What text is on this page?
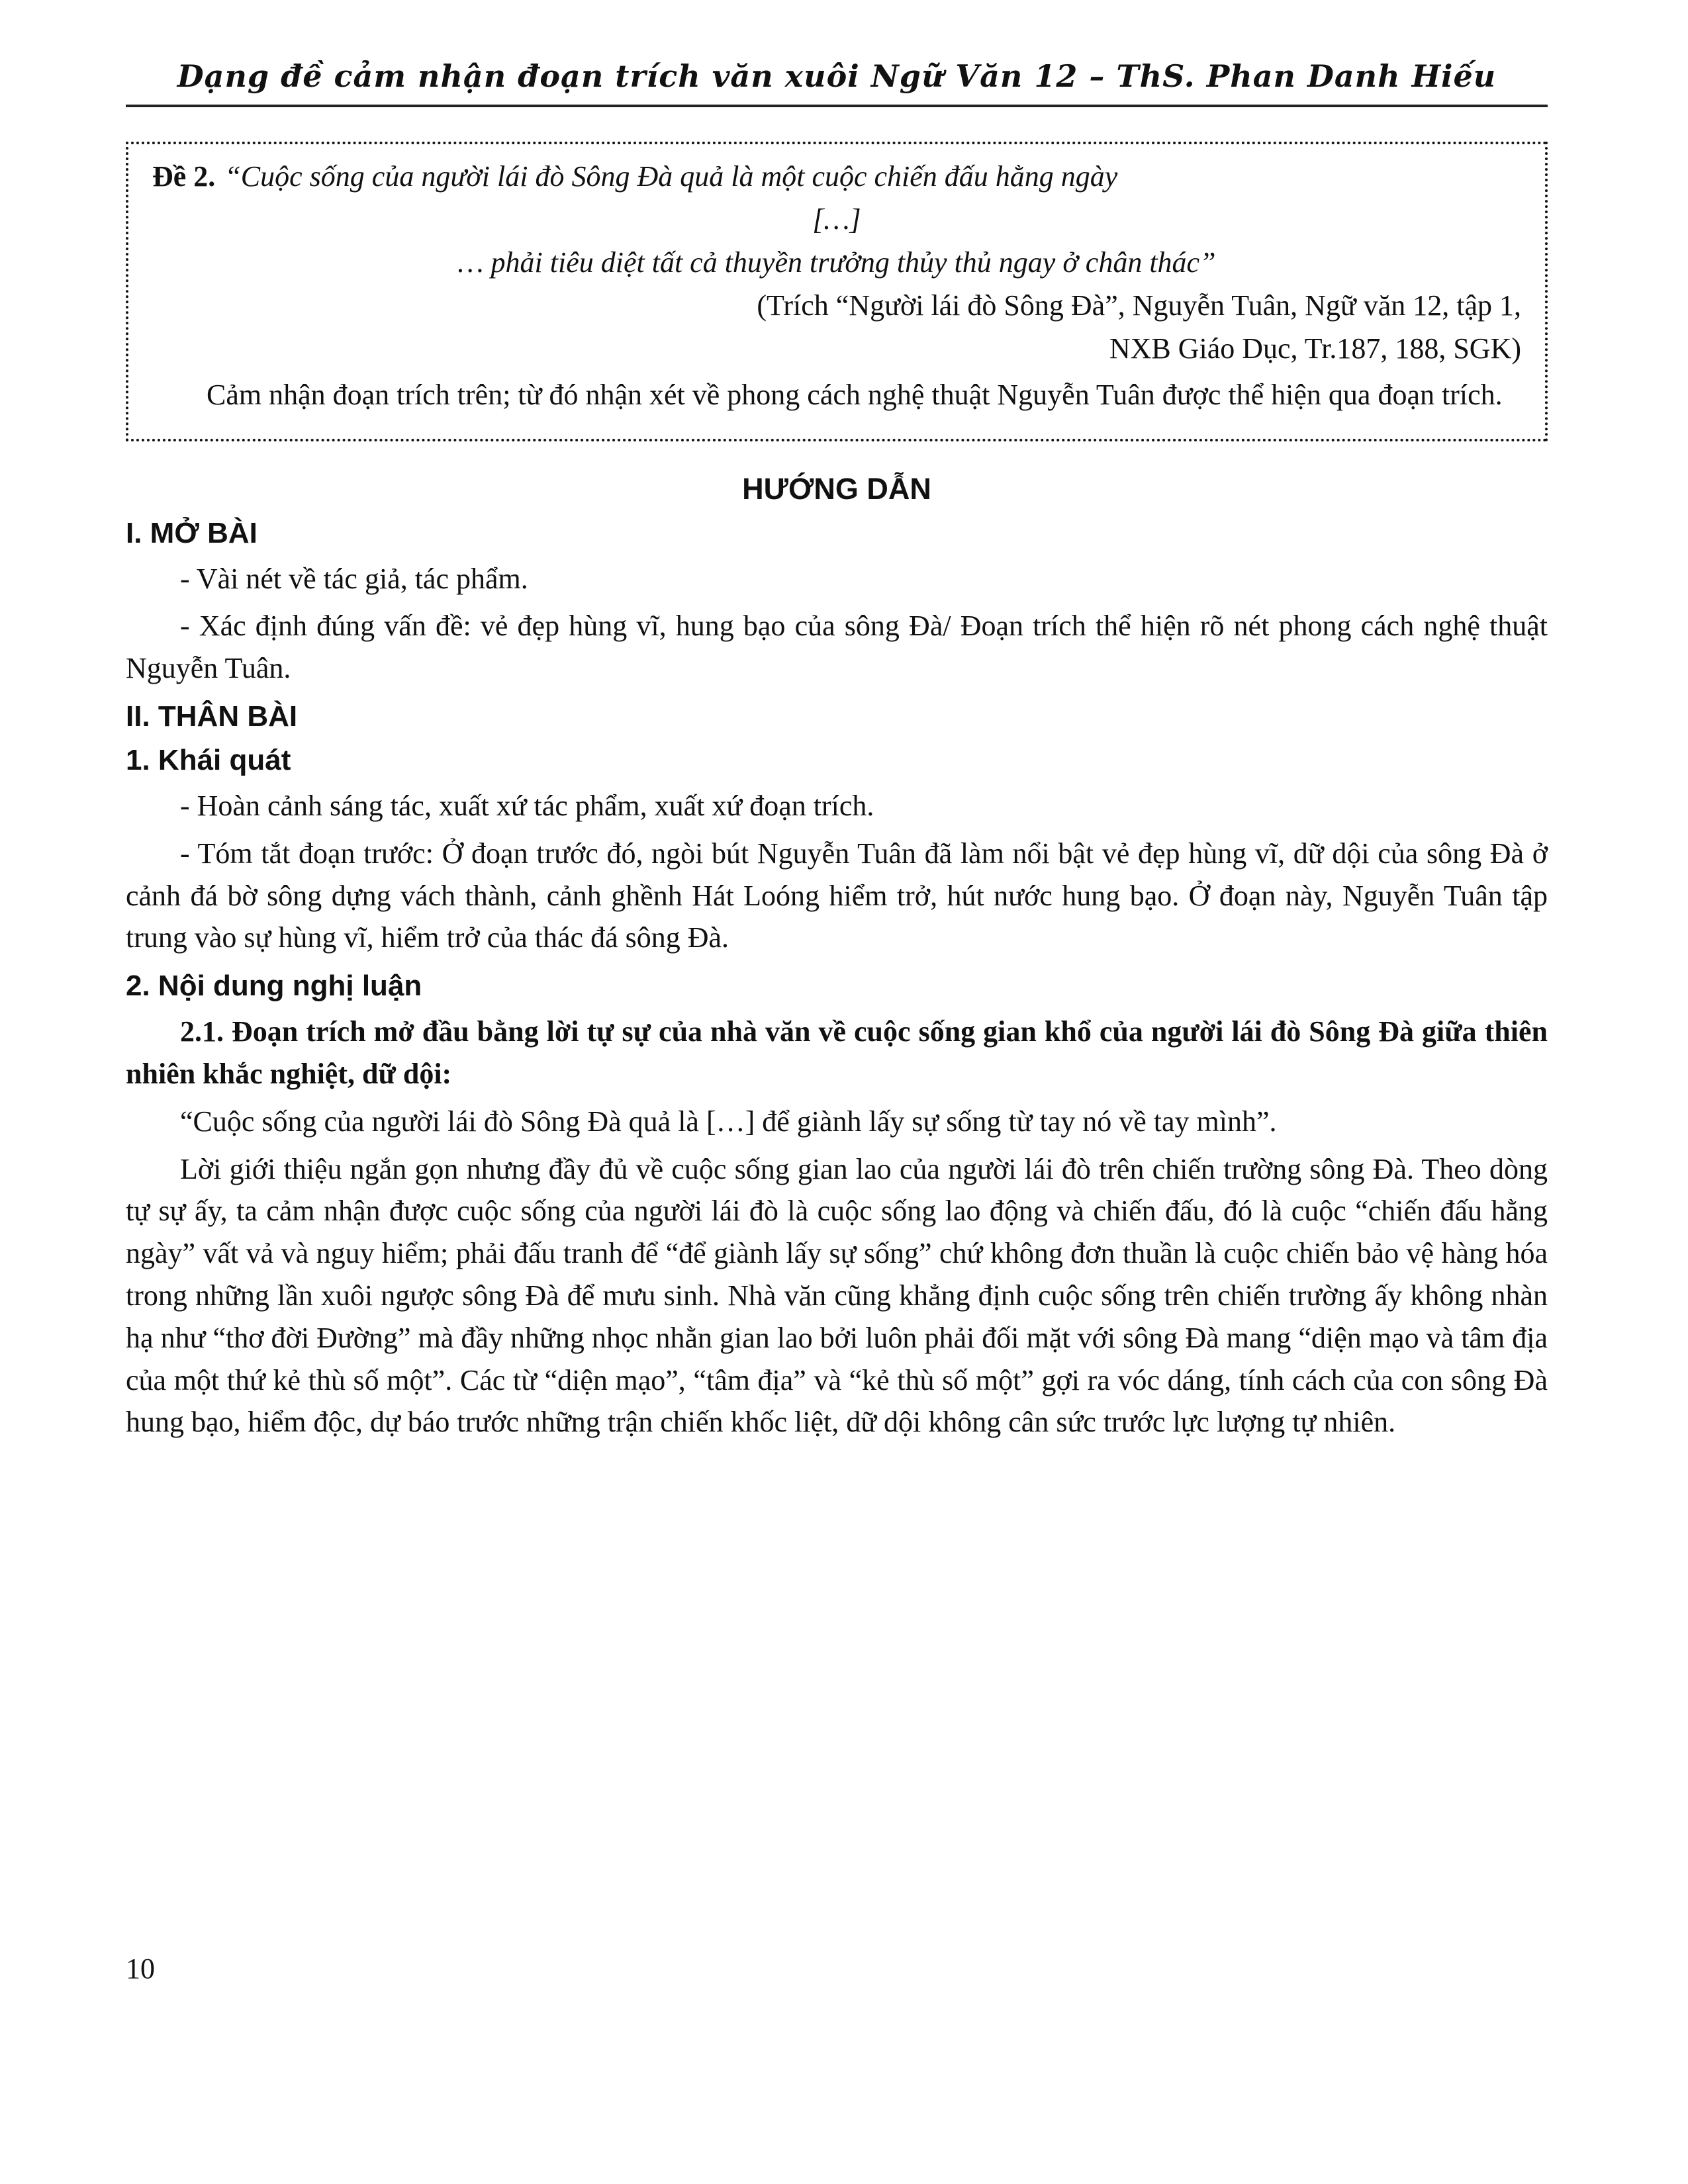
Dạng đề cảm nhận đoạn trích văn xuôi Ngữ Văn 12 – ThS. Phan Danh Hiếu

Đề 2. “Cuộc sống của người lái đò Sông Đà quả là một cuộc chiến đấu hằng ngày

[…]

… phải tiêu diệt tất cả thuyền trưởng thủy thủ ngay ở chân thác”

(Trích “Người lái đò Sông Đà”, Nguyễn Tuân, Ngữ văn 12, tập 1,

NXB Giáo Dục, Tr.187, 188, SGK)

Cảm nhận đoạn trích trên; từ đó nhận xét về phong cách nghệ thuật Nguyễn Tuân được thể hiện qua đoạn trích.

HƯỚNG DẪN
I. MỞ BÀI

- Vài nét về tác giả, tác phẩm.

- Xác định đúng vấn đề: vẻ đẹp hùng vĩ, hung bạo của sông Đà/ Đoạn trích thể hiện rõ nét phong cách nghệ thuật Nguyễn Tuân.

II. THÂN BÀI
1. Khái quát

- Hoàn cảnh sáng tác, xuất xứ tác phẩm, xuất xứ đoạn trích.

- Tóm tắt đoạn trước: Ở đoạn trước đó, ngòi bút Nguyễn Tuân đã làm nổi bật vẻ đẹp hùng vĩ, dữ dội của sông Đà ở cảnh đá bờ sông dựng vách thành, cảnh ghềnh Hát Loóng hiểm trở, hút nước hung bạo. Ở đoạn này, Nguyễn Tuân tập trung vào sự hùng vĩ, hiểm trở của thác đá sông Đà.

2. Nội dung nghị luận

2.1. Đoạn trích mở đầu bằng lời tự sự của nhà văn về cuộc sống gian khổ của người lái đò Sông Đà giữa thiên nhiên khắc nghiệt, dữ dội:

“Cuộc sống của người lái đò Sông Đà quả là […] để giành lấy sự sống từ tay nó về tay mình”.

Lời giới thiệu ngắn gọn nhưng đầy đủ về cuộc sống gian lao của người lái đò trên chiến trường sông Đà. Theo dòng tự sự ấy, ta cảm nhận được cuộc sống của người lái đò là cuộc sống lao động và chiến đấu, đó là cuộc “chiến đấu hằng ngày” vất vả và nguy hiểm; phải đấu tranh để “để giành lấy sự sống” chứ không đơn thuần là cuộc chiến bảo vệ hàng hóa trong những lần xuôi ngược sông Đà để mưu sinh. Nhà văn cũng khẳng định cuộc sống trên chiến trường ấy không nhàn hạ như “thơ đời Đường” mà đầy những nhọc nhằn gian lao bởi luôn phải đối mặt với sông Đà mang “diện mạo và tâm địa của một thứ kẻ thù số một”. Các từ “diện mạo”, “tâm địa” và “kẻ thù số một” gợi ra vóc dáng, tính cách của con sông Đà hung bạo, hiểm độc, dự báo trước những trận chiến khốc liệt, dữ dội không cân sức trước lực lượng tự nhiên.

10
